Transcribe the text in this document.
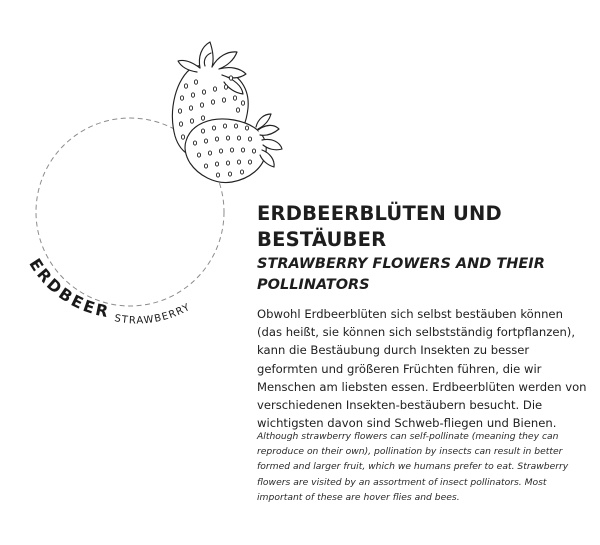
ERDBEER STRAWBERRY
ERDBEERBLÜTEN UND BESTÄUBER
STRAWBERRY FLOWERS AND THEIR POLLINATORS

Obwohl Erdbeerblüten sich selbst bestäuben können (das heißt, sie können sich selbstständig fortpflanzen), kann die Bestäubung durch Insekten zu besser geformten und größeren Früchten führen, die wir Menschen am liebsten essen. Erdbeerblüten werden von verschiedenen Insekten-bestäubern besucht. Die wichtigsten davon sind Schweb-fliegen und Bienen.

Although strawberry flowers can self-pollinate (meaning they can reproduce on their own), pollination by insects can result in better formed and larger fruit, which we humans prefer to eat. Strawberry flowers are visited by an assortment of insect pollinators. Most important of these are hover flies and bees.
